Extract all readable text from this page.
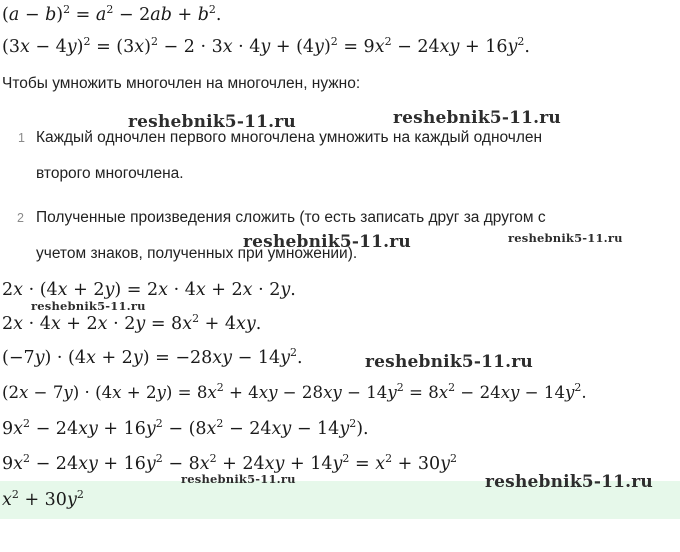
$(a - b)^2 = a^2 - 2ab + b^2$.
$(3x - 4y)^2 = (3x)^2 - 2 \cdot 3x \cdot 4y + (4y)^2 = 9x^2 - 24xy + 16y^2$.
Чтобы умножить многочлен на многочлен, нужно:
1 Каждый одночлен первого многочлена умножить на каждый одночлен
второго многочлена.
2 Полученные произведения сложить (то есть записать друг за другом с
учетом знаков, полученных при умножении).
2x · (4x + 2y) = 2x · 4x + 2x · 2y.
$2x \cdot 4x + 2x \cdot 2y = 8x^2 + 4xy$.
$(-7y) \cdot (4x + 2y) = -28xy - 14y^2$.
$(2x - 7y) \cdot (4x + 2y) = 8x^2 + 4xy - 28xy - 14y^2 = 8x^2 - 24xy - 14y^2$.
$9x^2 - 24xy + 16y^2 - (8x^2 - 24xy - 14y^2)$.
$9x^2 - 24xy + 16y^2 - 8x^2 + 24xy + 14y^2 = x^2 + 30y^2$
$x^2 + 30y^2$
reshebnik5-11.ru	reshebnik5-11.ru
reshebnik5-11.ru	reshebnik5-11.ru
reshebnik5-11.ru
reshebnik5-11.ru
reshebnik5-11.ru	reshebnik5-11.ru
